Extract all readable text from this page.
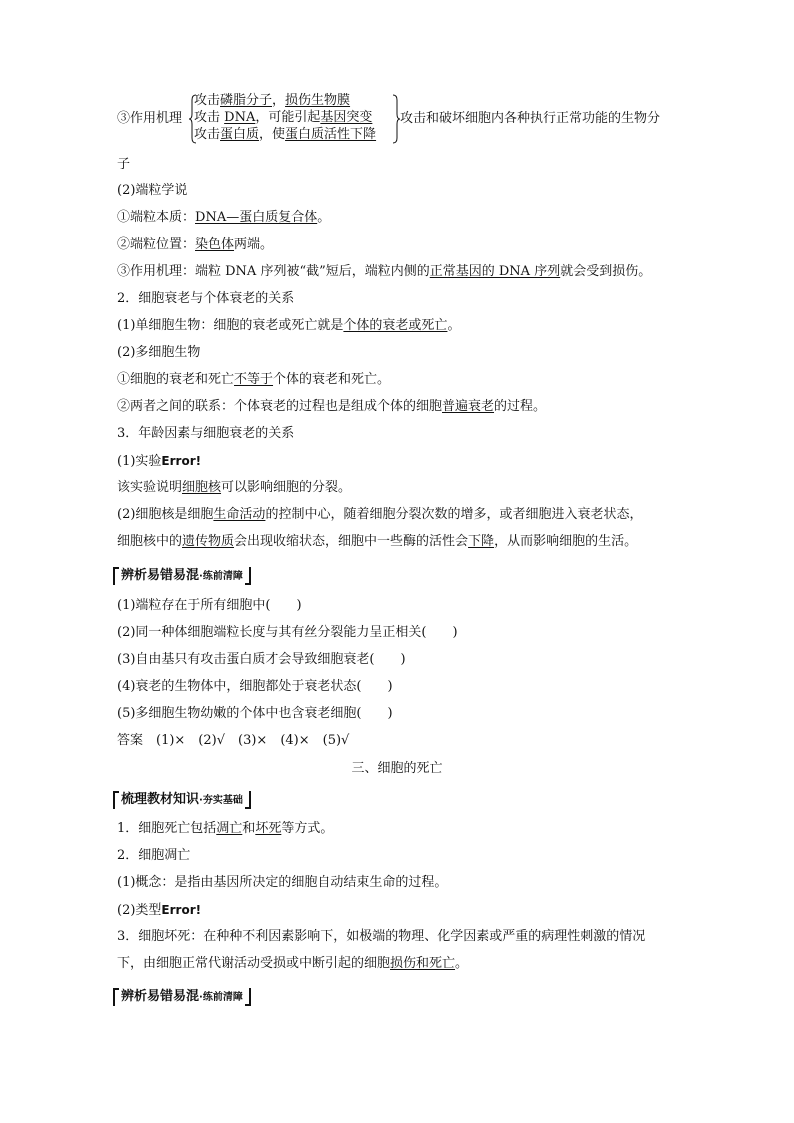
③作用机理
攻击磷脂分子，损伤生物膜
攻击 DNA，可能引起基因突变
攻击蛋白质，使蛋白质活性下降
攻击和破坏细胞内各种执行正常功能的生物分
子
(2)端粒学说
①端粒本质：DNA—蛋白质复合体。
②端粒位置：染色体两端。
③作用机理：端粒 DNA 序列被“截”短后，端粒内侧的正常基因的 DNA 序列就会受到损伤。
2．细胞衰老与个体衰老的关系
(1)单细胞生物：细胞的衰老或死亡就是个体的衰老或死亡。
(2)多细胞生物
①细胞的衰老和死亡不等于个体的衰老和死亡。
②两者之间的联系：个体衰老的过程也是组成个体的细胞普遍衰老的过程。
3．年龄因素与细胞衰老的关系
(1)实验Error!
该实验说明细胞核可以影响细胞的分裂。
(2)细胞核是细胞生命活动的控制中心，随着细胞分裂次数的增多，或者细胞进入衰老状态，
细胞核中的遗传物质会出现收缩状态，细胞中一些酶的活性会下降，从而影响细胞的生活。
辨析易错易混·练前清障
(1)端粒存在于所有细胞中(　　)
(2)同一种体细胞端粒长度与其有丝分裂能力呈正相关(　　)
(3)自由基只有攻击蛋白质才会导致细胞衰老(　　)
(4)衰老的生物体中，细胞都处于衰老状态(　　)
(5)多细胞生物幼嫩的个体中也含衰老细胞(　　)
答案　(1)×　(2)√　(3)×　(4)×　(5)√
三、细胞的死亡
梳理教材知识·夯实基础
1．细胞死亡包括凋亡和坏死等方式。
2．细胞凋亡
(1)概念：是指由基因所决定的细胞自动结束生命的过程。
(2)类型Error!
3．细胞坏死：在种种不利因素影响下，如极端的物理、化学因素或严重的病理性刺激的情况
下，由细胞正常代谢活动受损或中断引起的细胞损伤和死亡。
辨析易错易混·练前清障
